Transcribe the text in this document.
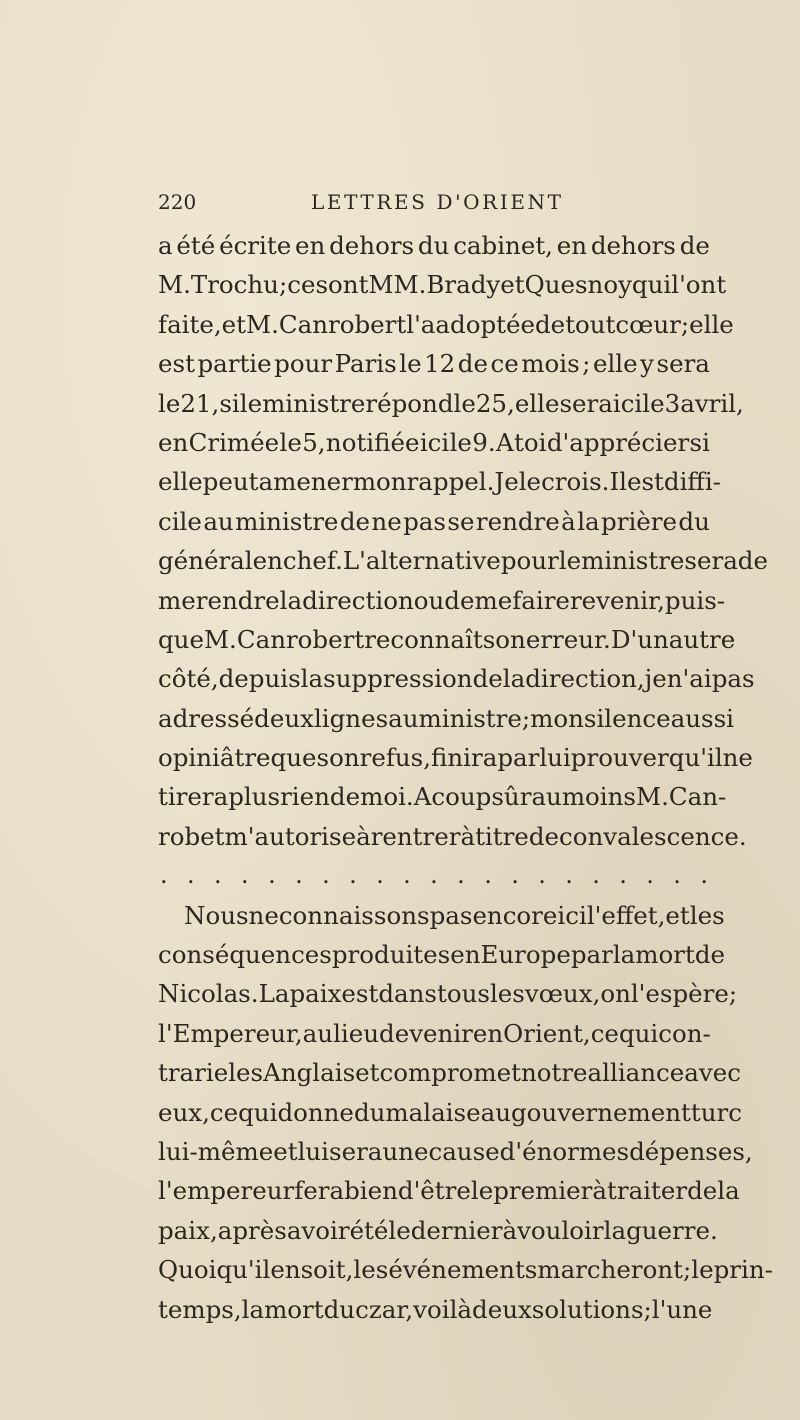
220	LETTRES D'ORIENT
a été écrite en dehors du cabinet, en dehors de
M. Trochu ; ce sont MM. Brady et Quesnoy qui l'ont
faite, et M. Canrobert l'a adoptée de tout cœur ; elle
est partie pour Paris le 12 de ce mois ; elle y sera
le 21, si le ministre répond le 25, elle sera ici le 3 avril,
en Crimée le 5, notifiée ici le 9. A toi d'apprécier si
elle peut amener mon rappel. Je le crois. Il est diffi-
cile au ministre de ne pas se rendre à la prière du
général en chef. L'alternative pour le ministre sera de
me rendre la direction ou de me faire revenir, puis-
que M. Canrobert reconnaît son erreur. D'un autre
côté, depuis la suppression de la direction, je n'ai pas
adressé deux lignes au ministre ; mon silence aussi
opiniâtre que son refus, finira par lui prouver qu'il ne
tirera plus rien de moi. A coup sûr au moins M. Can-
robet m'autorise à rentrer à titre de convalescence.
. . . . . . . . . . . . . . . . . . . . .
Nous ne connaissons pas encore ici l'effet, et les
conséquences produites en Europe par la mort de
Nicolas. La paix est dans tous les vœux, on l'espère ;
l'Empereur, au lieu de venir en Orient, ce qui con-
trarie les Anglais et compromet notre alliance avec
eux, ce qui donne du malaise au gouvernement turc
lui-même et lui sera une cause d'énormes dépenses,
l'empereur fera bien d'être le premier à traiter de la
paix, après avoir été le dernier à vouloir la guerre.
Quoi qu'il en soit, les événements marcheront ; le prin-
temps, la mort du czar, voilà deux solutions ; l'une
